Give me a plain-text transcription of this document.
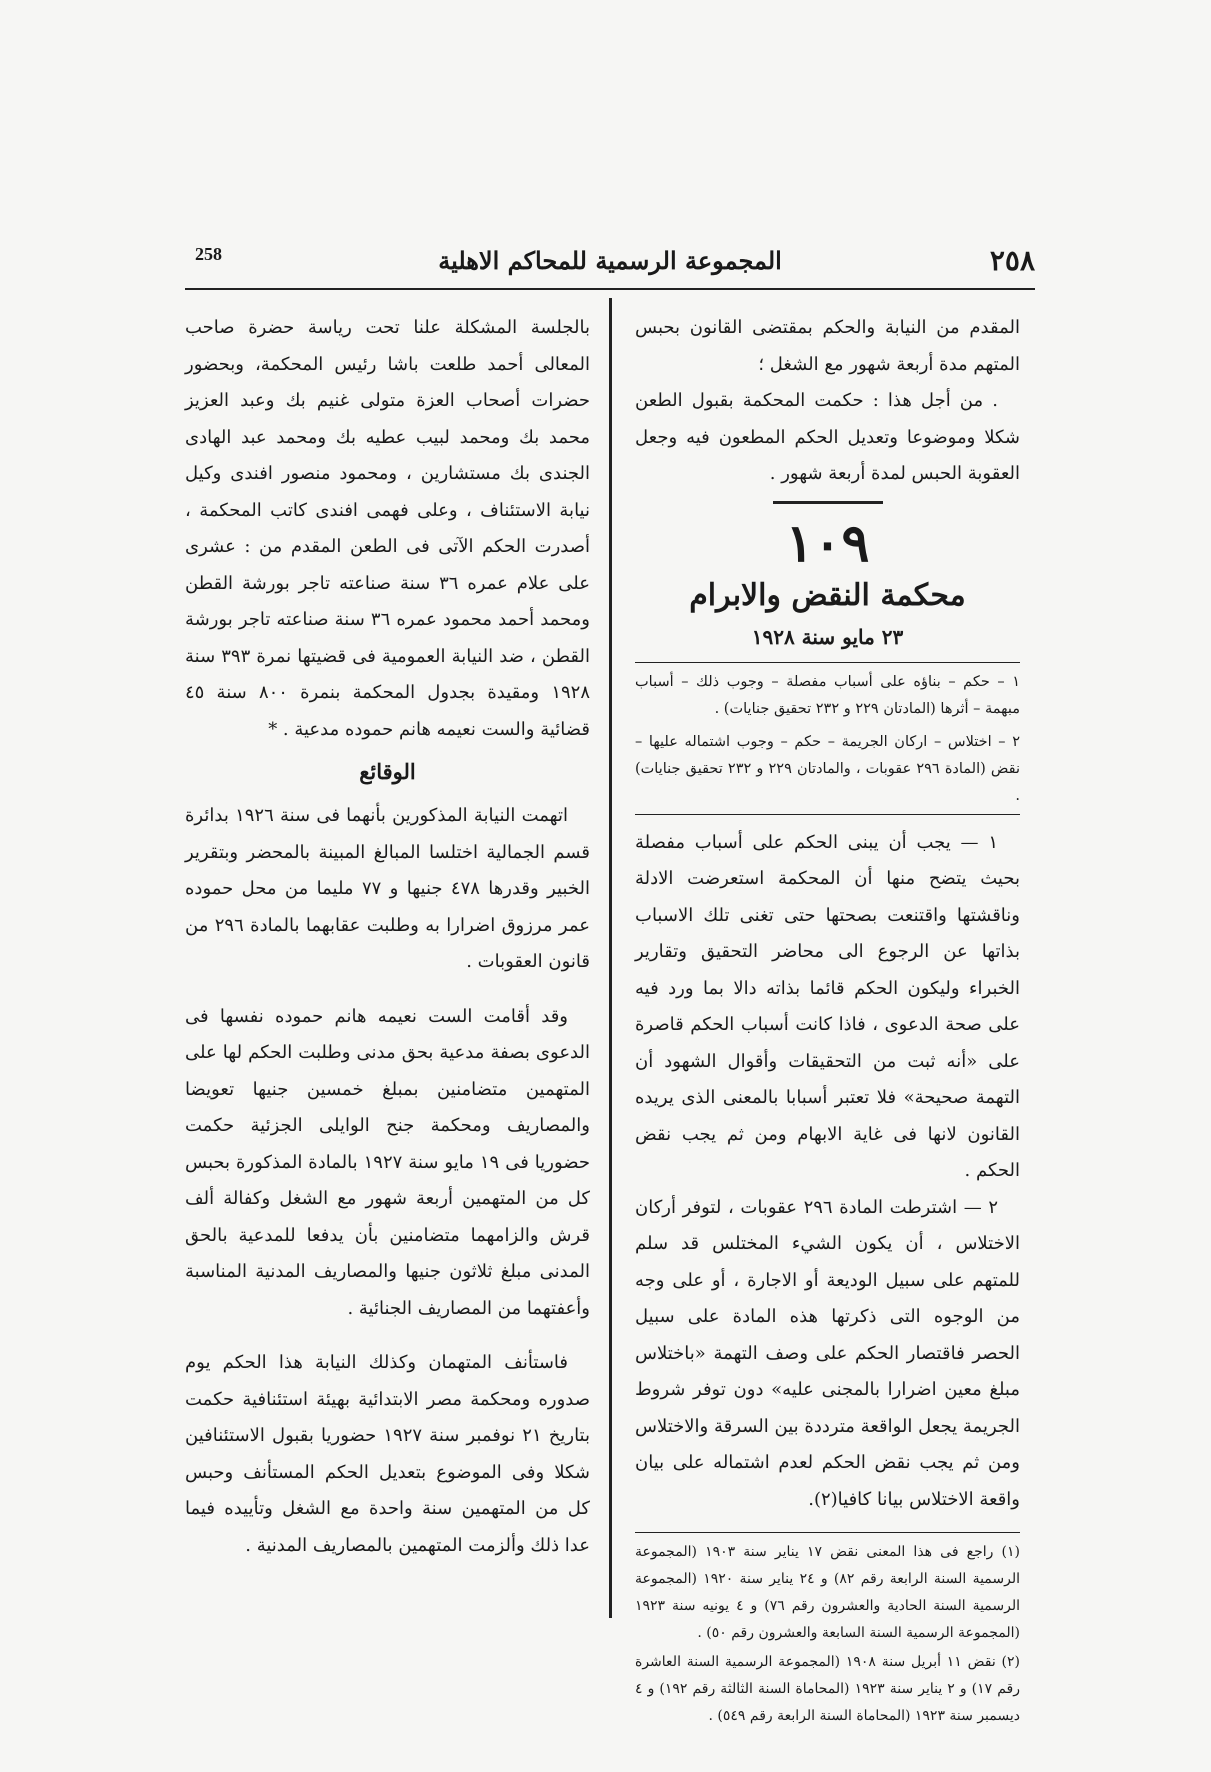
٢٥٨
المجموعة الرسمية للمحاكم الاهلية
258

المقدم من النيابة والحكم بمقتضى القانون بحبس المتهم مدة أربعة شهور مع الشغل ؛

. من أجل هذا : حكمت المحكمة بقبول الطعن شكلا وموضوعا وتعديل الحكم المطعون فيه وجعل العقوبة الحبس لمدة أربعة شهور .

١٠٩
محكمة النقض والابرام
٢٣ مايو سنة ١٩٢٨

١ – حكم – بناؤه على أسباب مفصلة – وجوب ذلك – أسباب مبهمة – أثرها (المادتان ٢٢٩ و ٢٣٢ تحقيق جنايات) .

٢ – اختلاس – اركان الجريمة – حكم – وجوب اشتماله عليها – نقض (المادة ٢٩٦ عقوبات ، والمادتان ٢٢٩ و ٢٣٢ تحقيق جنايات) .

١ — يجب أن يبنى الحكم على أسباب مفصلة بحيث يتضح منها أن المحكمة استعرضت الادلة وناقشتها واقتنعت بصحتها حتى تغنى تلك الاسباب بذاتها عن الرجوع الى محاضر التحقيق وتقارير الخبراء وليكون الحكم قائما بذاته دالا بما ورد فيه على صحة الدعوى ، فاذا كانت أسباب الحكم قاصرة على «أنه ثبت من التحقيقات وأقوال الشهود أن التهمة صحيحة» فلا تعتبر أسبابا بالمعنى الذى يريده القانون لانها فى غاية الابهام ومن ثم يجب نقض الحكم .

٢ — اشترطت المادة ٢٩٦ عقوبات ، لتوفر أركان الاختلاس ، أن يكون الشيء المختلس قد سلم للمتهم على سبيل الوديعة أو الاجارة ، أو على وجه من الوجوه التى ذكرتها هذه المادة على سبيل الحصر فاقتصار الحكم على وصف التهمة «باختلاس مبلغ معين اضرارا بالمجنى عليه» دون توفر شروط الجريمة يجعل الواقعة مترددة بين السرقة والاختلاس ومن ثم يجب نقض الحكم لعدم اشتماله على بيان واقعة الاختلاس بيانا كافيا(٢).

(١) راجع فى هذا المعنى نقض ١٧ يناير سنة ١٩٠٣ (المجموعة الرسمية السنة الرابعة رقم ٨٢) و ٢٤ يناير سنة ١٩٢٠ (المجموعة الرسمية السنة الحادية والعشرون رقم ٧٦) و ٤ يونيه سنة ١٩٢٣ (المجموعة الرسمية السنة السابعة والعشرون رقم ٥٠) .

(٢) نقض ١١ أبريل سنة ١٩٠٨ (المجموعة الرسمية السنة العاشرة رقم ١٧) و ٢ يناير سنة ١٩٢٣ (المحاماة السنة الثالثة رقم ١٩٢) و ٤ ديسمبر سنة ١٩٢٣ (المحاماة السنة الرابعة رقم ٥٤٩) .

بالجلسة المشكلة علنا تحت رياسة حضرة صاحب المعالى أحمد طلعت باشا رئيس المحكمة، وبحضور حضرات أصحاب العزة متولى غنيم بك وعبد العزيز محمد بك ومحمد لبيب عطيه بك ومحمد عبد الهادى الجندى بك مستشارين ، ومحمود منصور افندى وكيل نيابة الاستئناف ، وعلى فهمى افندى كاتب المحكمة ، أصدرت الحكم الآتى فى الطعن المقدم من : عشرى على علام عمره ٣٦ سنة صناعته تاجر بورشة القطن ومحمد أحمد محمود عمره ٣٦ سنة صناعته تاجر بورشة القطن ، ضد النيابة العمومية فى قضيتها نمرة ٣٩٣ سنة ١٩٢٨ ومقيدة بجدول المحكمة بنمرة ٨٠٠ سنة ٤٥ قضائية والست نعيمه هانم حموده مدعية . *

الوقائع

اتهمت النيابة المذكورين بأنهما فى سنة ١٩٢٦ بدائرة قسم الجمالية اختلسا المبالغ المبينة بالمحضر وبتقرير الخبير وقدرها ٤٧٨ جنيها و ٧٧ مليما من محل حموده عمر مرزوق اضرارا به وطلبت عقابهما بالمادة ٢٩٦ من قانون العقوبات .

وقد أقامت الست نعيمه هانم حموده نفسها فى الدعوى بصفة مدعية بحق مدنى وطلبت الحكم لها على المتهمين متضامنين بمبلغ خمسين جنيها تعويضا والمصاريف ومحكمة جنح الوايلى الجزئية حكمت حضوريا فى ١٩ مايو سنة ١٩٢٧ بالمادة المذكورة بحبس كل من المتهمين أربعة شهور مع الشغل وكفالة ألف قرش والزامهما متضامنين بأن يدفعا للمدعية بالحق المدنى مبلغ ثلاثون جنيها والمصاريف المدنية المناسبة وأعفتهما من المصاريف الجنائية .

فاستأنف المتهمان وكذلك النيابة هذا الحكم يوم صدوره ومحكمة مصر الابتدائية بهيئة استئنافية حكمت بتاريخ ٢١ نوفمبر سنة ١٩٢٧ حضوريا بقبول الاستئنافين شكلا وفى الموضوع بتعديل الحكم المستأنف وحبس كل من المتهمين سنة واحدة مع الشغل وتأييده فيما عدا ذلك وألزمت المتهمين بالمصاريف المدنية .
